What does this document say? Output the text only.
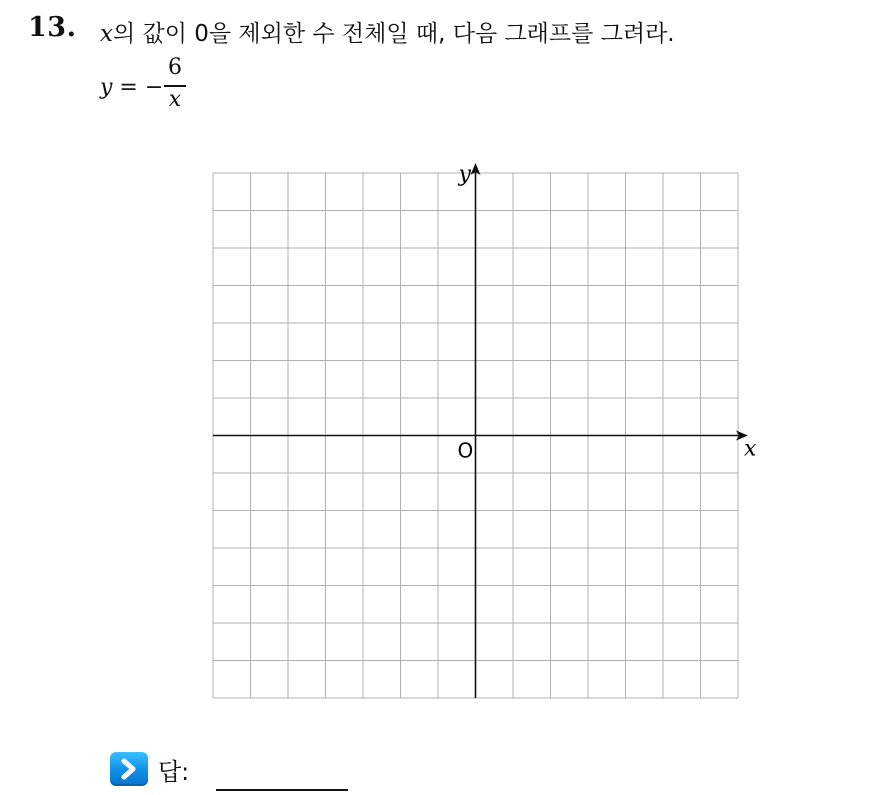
13. x의 값이 0을 제외한 수 전체일 때, 다음 그래프를 그려라.
y = −
6
x
x
y
O
답:
